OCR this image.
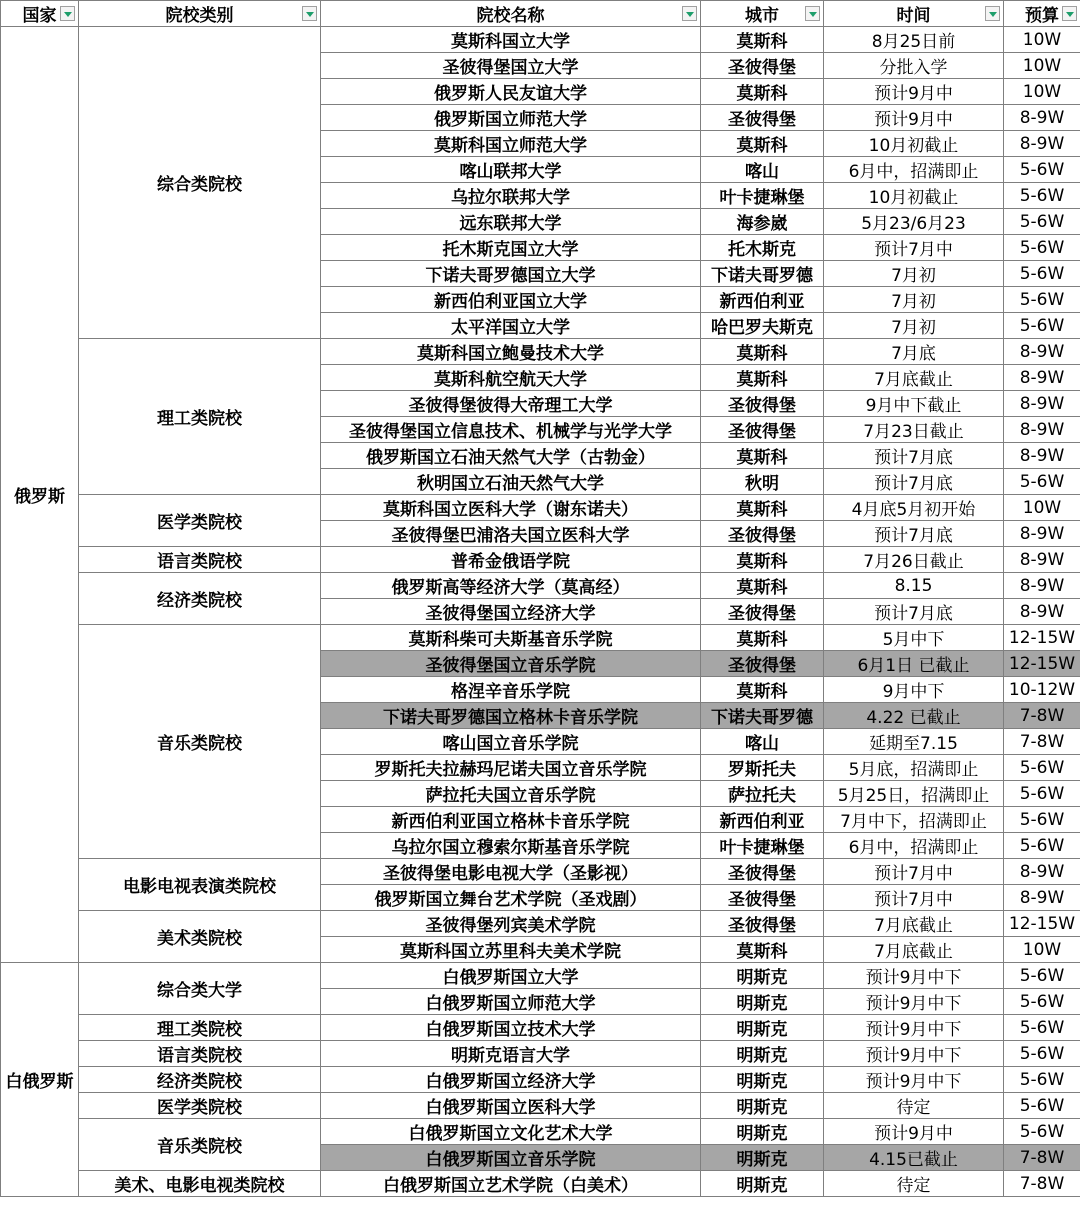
国家	院校类别	院校名称	城市	时间	预算

俄罗斯	综合类院校	莫斯科国立大学	莫斯科	8月25日前	10W
		圣彼得堡国立大学	圣彼得堡	分批入学	10W
		俄罗斯人民友谊大学	莫斯科	预计9月中	10W
		俄罗斯国立师范大学	圣彼得堡	预计9月中	8-9W
		莫斯科国立师范大学	莫斯科	10月初截止	8-9W
		喀山联邦大学	喀山	6月中，招满即止	5-6W
		乌拉尔联邦大学	叶卡捷琳堡	10月初截止	5-6W
		远东联邦大学	海参崴	5月23/6月23	5-6W
		托木斯克国立大学	托木斯克	预计7月中	5-6W
		下诺夫哥罗德国立大学	下诺夫哥罗德	7月初	5-6W
		新西伯利亚国立大学	新西伯利亚	7月初	5-6W
		太平洋国立大学	哈巴罗夫斯克	7月初	5-6W
	理工类院校	莫斯科国立鲍曼技术大学	莫斯科	7月底	8-9W
		莫斯科航空航天大学	莫斯科	7月底截止	8-9W
		圣彼得堡彼得大帝理工大学	圣彼得堡	9月中下截止	8-9W
		圣彼得堡国立信息技术、机械学与光学大学	圣彼得堡	7月23日截止	8-9W
		俄罗斯国立石油天然气大学（古勃金）	莫斯科	预计7月底	8-9W
		秋明国立石油天然气大学	秋明	预计7月底	5-6W
	医学类院校	莫斯科国立医科大学（谢东诺夫）	莫斯科	4月底5月初开始	10W
		圣彼得堡巴浦洛夫国立医科大学	圣彼得堡	预计7月底	8-9W
	语言类院校	普希金俄语学院	莫斯科	7月26日截止	8-9W
	经济类院校	俄罗斯高等经济大学（莫高经）	莫斯科	8.15	8-9W
		圣彼得堡国立经济大学	圣彼得堡	预计7月底	8-9W
	音乐类院校	莫斯科柴可夫斯基音乐学院	莫斯科	5月中下	12-15W
		圣彼得堡国立音乐学院	圣彼得堡	6月1日 已截止	12-15W
		格涅辛音乐学院	莫斯科	9月中下	10-12W
		下诺夫哥罗德国立格林卡音乐学院	下诺夫哥罗德	4.22 已截止	7-8W
		喀山国立音乐学院	喀山	延期至7.15	7-8W
		罗斯托夫拉赫玛尼诺夫国立音乐学院	罗斯托夫	5月底，招满即止	5-6W
		萨拉托夫国立音乐学院	萨拉托夫	5月25日，招满即止	5-6W
		新西伯利亚国立格林卡音乐学院	新西伯利亚	7月中下，招满即止	5-6W
		乌拉尔国立穆索尔斯基音乐学院	叶卡捷琳堡	6月中，招满即止	5-6W
	电影电视表演类院校	圣彼得堡电影电视大学（圣影视）	圣彼得堡	预计7月中	8-9W
		俄罗斯国立舞台艺术学院（圣戏剧）	圣彼得堡	预计7月中	8-9W
	美术类院校	圣彼得堡列宾美术学院	圣彼得堡	7月底截止	12-15W
		莫斯科国立苏里科夫美术学院	莫斯科	7月底截止	10W
白俄罗斯	综合类大学	白俄罗斯国立大学	明斯克	预计9月中下	5-6W
		白俄罗斯国立师范大学	明斯克	预计9月中下	5-6W
	理工类院校	白俄罗斯国立技术大学	明斯克	预计9月中下	5-6W
	语言类院校	明斯克语言大学	明斯克	预计9月中下	5-6W
	经济类院校	白俄罗斯国立经济大学	明斯克	预计9月中下	5-6W
	医学类院校	白俄罗斯国立医科大学	明斯克	待定	5-6W
	音乐类院校	白俄罗斯国立文化艺术大学	明斯克	预计9月中	5-6W
		白俄罗斯国立音乐学院	明斯克	4.15已截止	7-8W
	美术、电影电视类院校	白俄罗斯国立艺术学院（白美术）	明斯克	待定	7-8W
